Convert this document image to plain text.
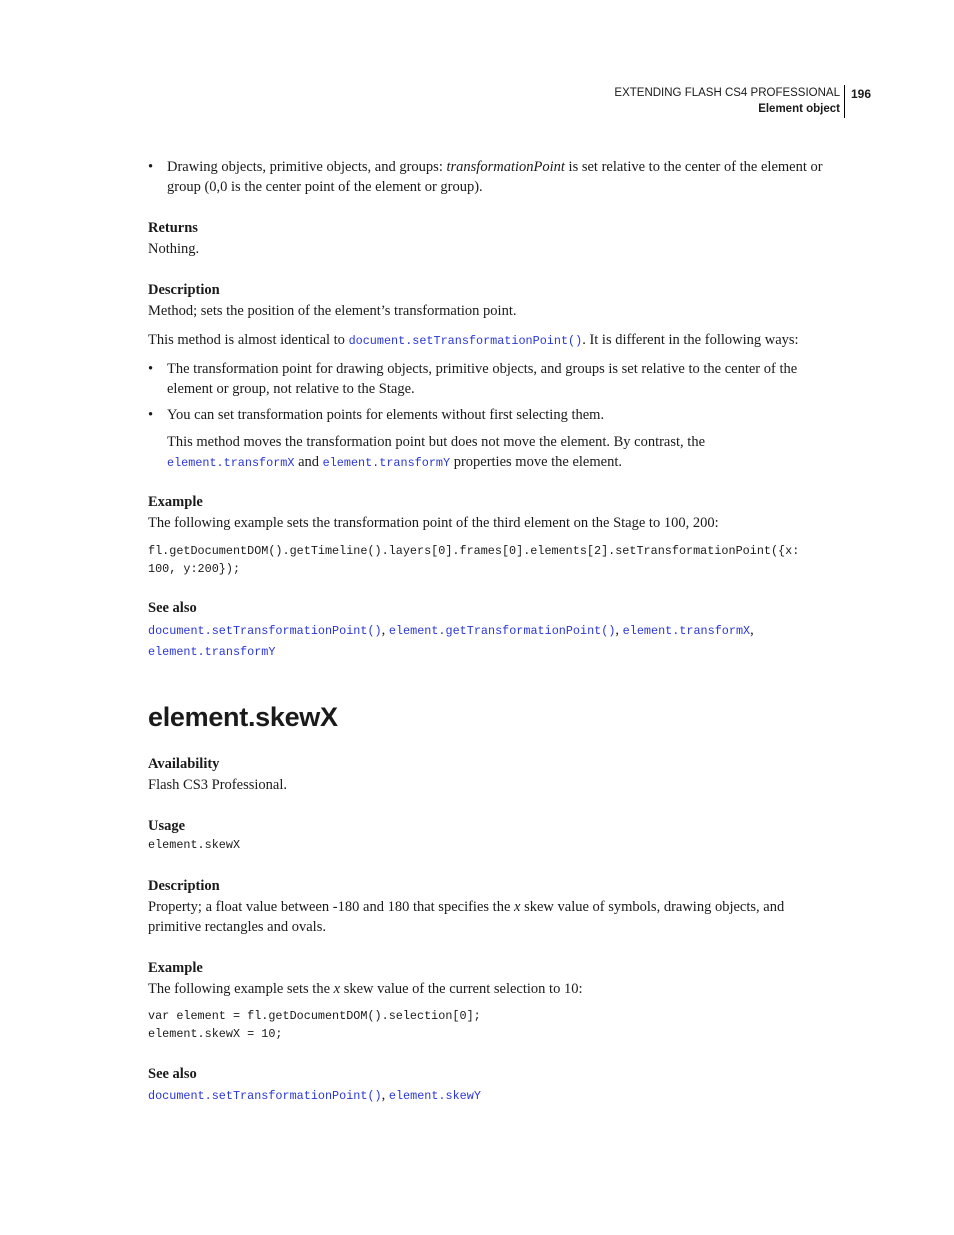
EXTENDING FLASH CS4 PROFESSIONAL
Element object
196
• Drawing objects, primitive objects, and groups: transformationPoint is set relative to the center of the element or group (0,0 is the center point of the element or group).

Returns
Nothing.
Description
Method; sets the position of the element’s transformation point.
This method is almost identical to document.setTransformationPoint(). It is different in the following ways:
• The transformation point for drawing objects, primitive objects, and groups is set relative to the center of the element or group, not relative to the Stage.

• You can set transformation points for elements without first selecting them.

This method moves the transformation point but does not move the element. By contrast, the
element.transformX and element.transformY properties move the element.

Example
The following example sets the transformation point of the third element on the Stage to 100, 200:
fl.getDocumentDOM().getTimeline().layers[0].frames[0].elements[2].setTransformationPoint({x:
100, y:200});
See also
document.setTransformationPoint(), element.getTransformationPoint(), element.transformX,
element.transformY
element.skewX
Availability
Flash CS3 Professional.
Usage
element.skewX
Description
Property; a float value between -180 and 180 that specifies the x skew value of symbols, drawing objects, and primitive rectangles and ovals.
Example
The following example sets the x skew value of the current selection to 10:
var element = fl.getDocumentDOM().selection[0];
element.skewX = 10;
See also
document.setTransformationPoint(), element.skewY
